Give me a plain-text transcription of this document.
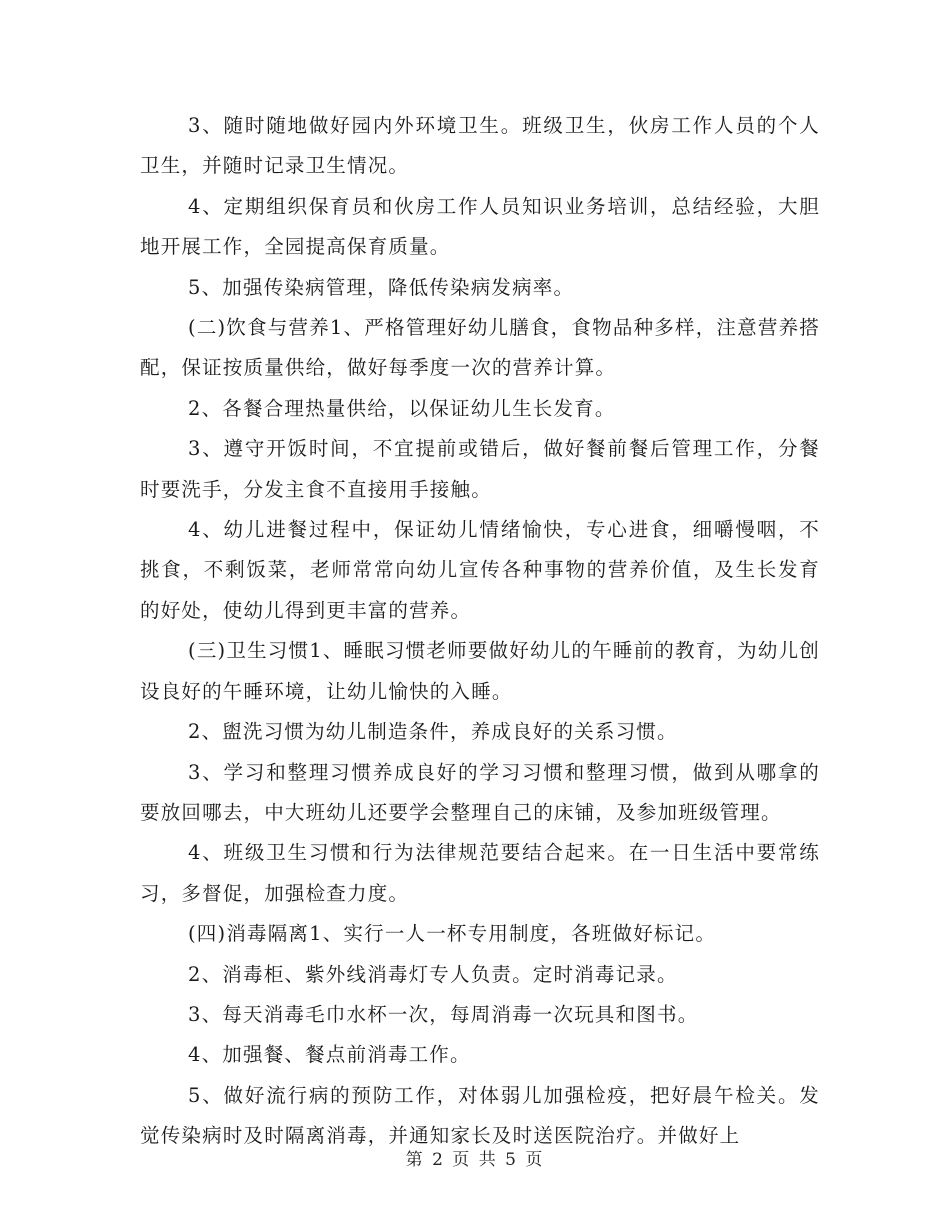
3、随时随地做好园内外环境卫生。班级卫生，伙房工作人员的个人卫生，并随时记录卫生情况。

4、定期组织保育员和伙房工作人员知识业务培训，总结经验，大胆地开展工作，全园提高保育质量。

5、加强传染病管理，降低传染病发病率。

(二)饮食与营养1、严格管理好幼儿膳食，食物品种多样，注意营养搭配，保证按质量供给，做好每季度一次的营养计算。

2、各餐合理热量供给，以保证幼儿生长发育。

3、遵守开饭时间，不宜提前或错后，做好餐前餐后管理工作，分餐时要洗手，分发主食不直接用手接触。

4、幼儿进餐过程中，保证幼儿情绪愉快，专心进食，细嚼慢咽，不挑食，不剩饭菜，老师常常向幼儿宣传各种事物的营养价值，及生长发育的好处，使幼儿得到更丰富的营养。

(三)卫生习惯1、睡眠习惯老师要做好幼儿的午睡前的教育，为幼儿创设良好的午睡环境，让幼儿愉快的入睡。

2、盥洗习惯为幼儿制造条件，养成良好的关系习惯。

3、学习和整理习惯养成良好的学习习惯和整理习惯，做到从哪拿的要放回哪去，中大班幼儿还要学会整理自己的床铺，及参加班级管理。

4、班级卫生习惯和行为法律规范要结合起来。在一日生活中要常练习，多督促，加强检查力度。

(四)消毒隔离1、实行一人一杯专用制度，各班做好标记。

2、消毒柜、紫外线消毒灯专人负责。定时消毒记录。

3、每天消毒毛巾水杯一次，每周消毒一次玩具和图书。

4、加强餐、餐点前消毒工作。

5、做好流行病的预防工作，对体弱儿加强检疫，把好晨午检关。发觉传染病时及时隔离消毒，并通知家长及时送医院治疗。并做好上

第 2 页 共 5 页
